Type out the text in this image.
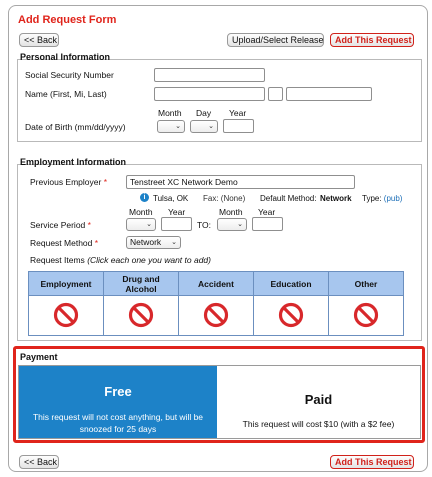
Add Request Form
<< Back	Upload/Select Release	Add This Request
Personal Information
Social Security Number
Name (First, Mi, Last)
Month Day Year
Date of Birth (mm/dd/yyyy)	⌄	⌄
Employment Information
Previous Employer *	Tenstreet XC Network Demo
i Tulsa, OK Fax: (None) Default Method: Network Type: (pub)
Month Year	Month Year
Service Period *	⌄	TO:	⌄
Request Method *	Network ⌄
Request Items (Click each one you want to add)
Employment	Drug and Alcohol	Accident	Education	Other

Payment
Free
This request will not cost anything, but will be snoozed for 25 days
Paid
This request will cost $10 (with a $2 fee)
<< Back	Add This Request
